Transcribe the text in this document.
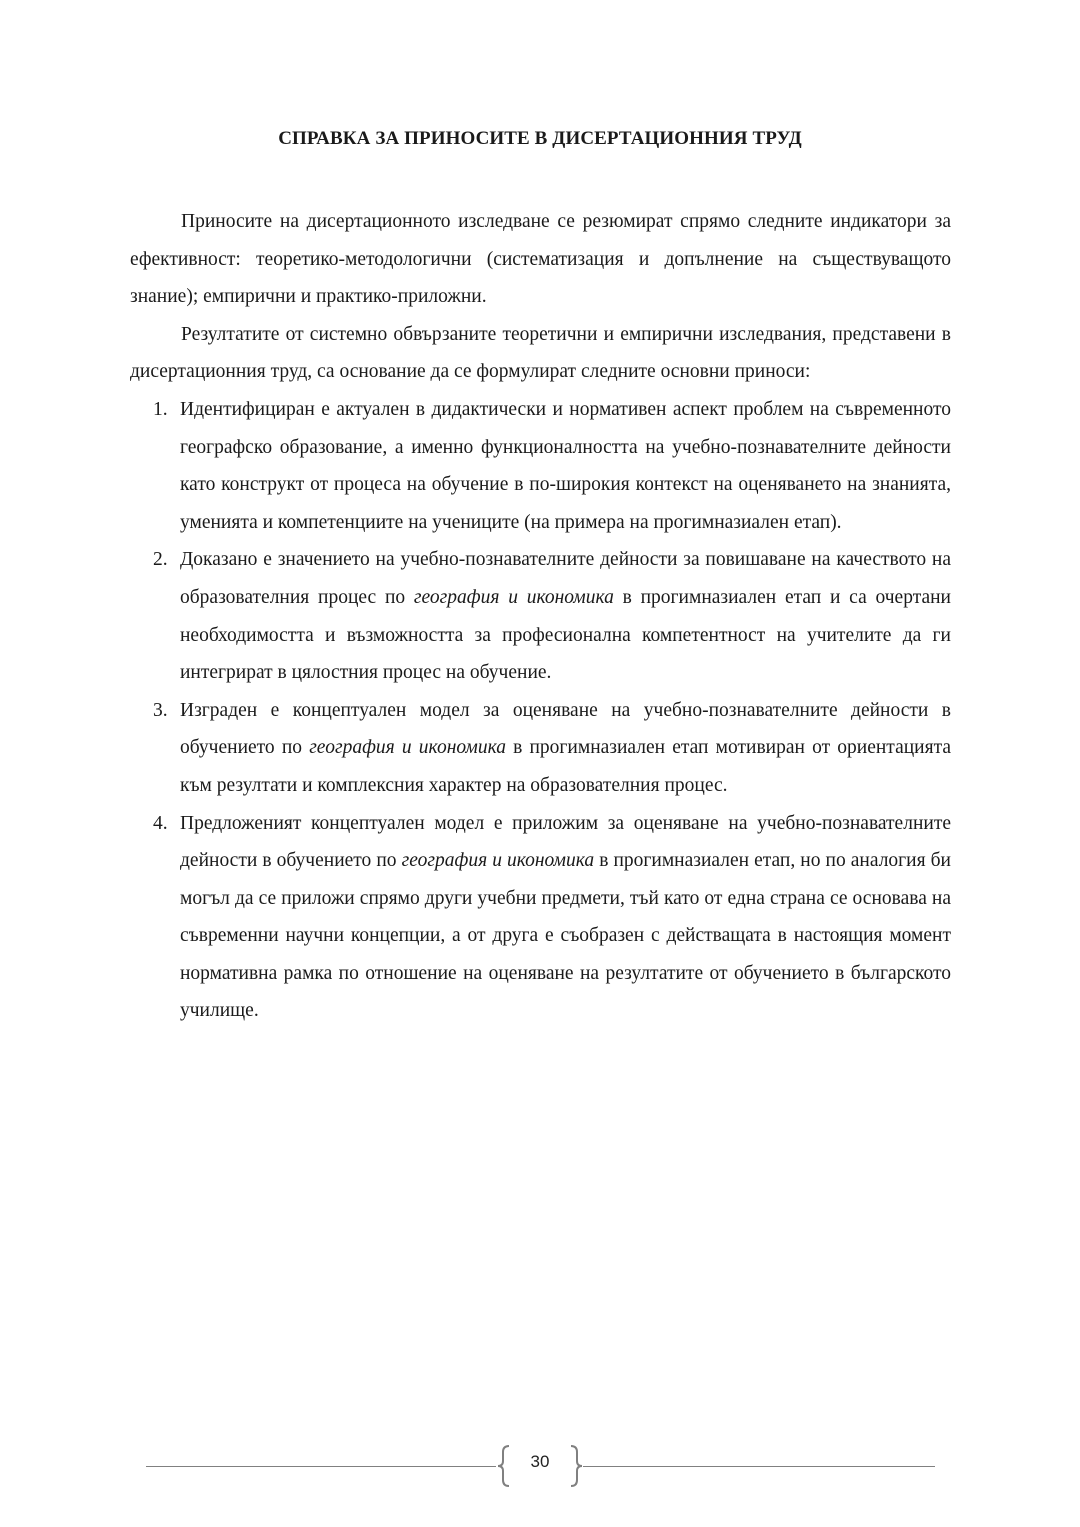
СПРАВКА ЗА ПРИНОСИТЕ В ДИСЕРТАЦИОННИЯ ТРУД

Приносите на дисертационното изследване се резюмират спрямо следните индикатори за ефективност: теоретико-методологични (систематизация и допълнение на съществуващото знание); емпирични и практико-приложни.

Резултатите от системно обвързаните теоретични и емпирични изследвания, представени в дисертационния труд, са основание да се формулират следните основни приноси:

1. Идентифициран е актуален в дидактически и нормативен аспект проблем на съвременното географско образование, а именно функционалността на учебно-познавателните дейности като конструкт от процеса на обучение в по-широкия контекст на оценяването на знанията, уменията и компетенциите на учениците (на примера на прогимназиален етап).
2. Доказано е значението на учебно-познавателните дейности за повишаване на качеството на образователния процес по география и икономика в прогимназиален етап и са очертани необходимостта и възможността за професионална компетентност на учителите да ги интегрират в цялостния процес на обучение.
3. Изграден е концептуален модел за оценяване на учебно-познавателните дейности в обучението по география и икономика в прогимназиален етап мотивиран от ориентацията към резултати и комплексния характер на образователния процес.
4. Предложеният концептуален модел е приложим за оценяване на учебно-познавателните дейности в обучението по география и икономика в прогимназиален етап, но по аналогия би могъл да се приложи спрямо други учебни предмети, тъй като от една страна се основава на съвременни научни концепции, а от друга е съобразен с действащата в настоящия момент нормативна рамка по отношение на оценяване на резултатите от обучението в българското училище.
30
